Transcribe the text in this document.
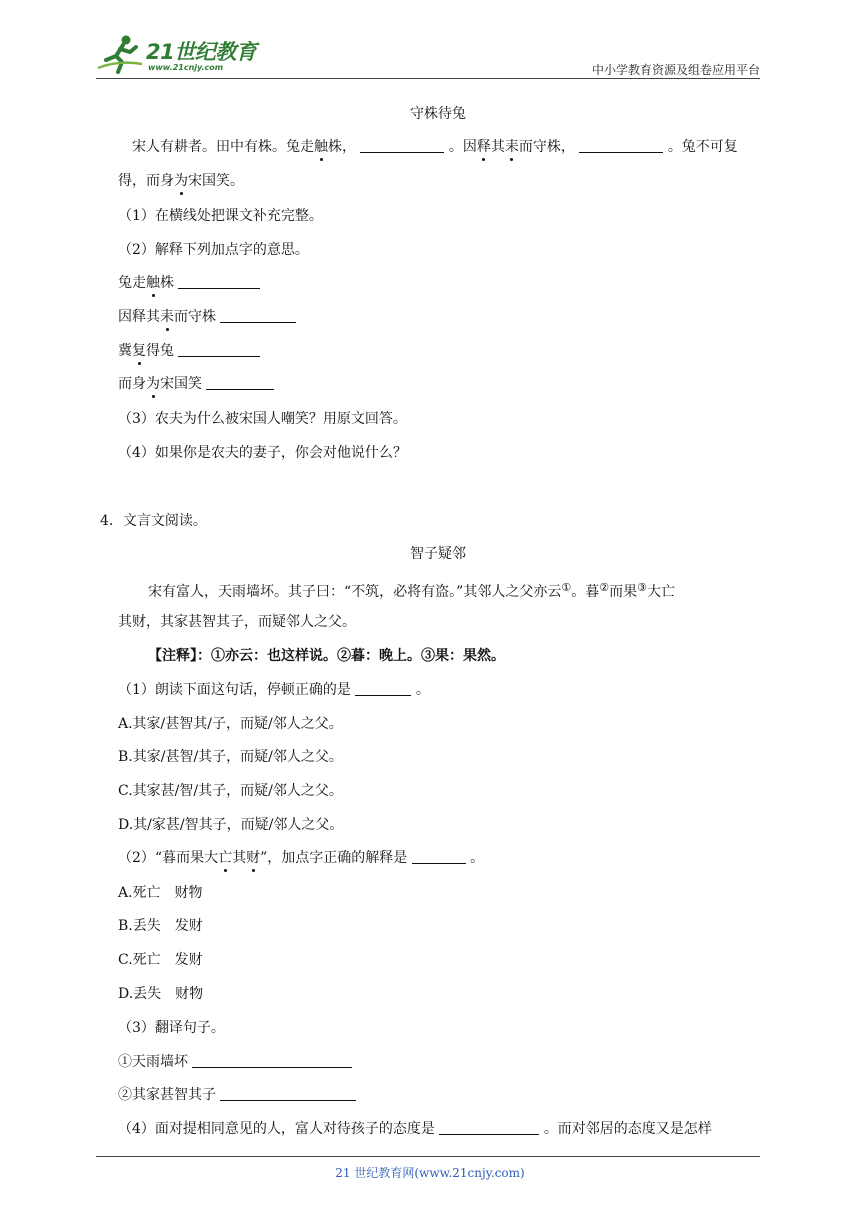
21世纪教育
www.21cnjy.com	中小学教育资源及组卷应用平台
守株待兔
宋人有耕者。田中有株。兔走触株，	。因释其耒而守株，	。兔不可复
得，而身为宋国笑。
（1）在横线处把课文补充完整。
（2）解释下列加点字的意思。
兔走触株
因释其耒而守株
冀复得兔
而身为宋国笑
（3）农夫为什么被宋国人嘲笑？用原文回答。
（4）如果你是农夫的妻子，你会对他说什么？
4．文言文阅读。
智子疑邻
宋有富人，天雨墙坏。其子曰：“不筑，必将有盗。”其邻人之父亦云①。暮②而果③大亡
其财，其家甚智其子，而疑邻人之父。
【注释】：①亦云：也这样说。②暮：晚上。③果：果然。
（1）朗读下面这句话，停顿正确的是	。
A.其家/甚智其/子，而疑/邻人之父。
B.其家/甚智/其子，而疑/邻人之父。
C.其家甚/智/其子，而疑/邻人之父。
D.其/家甚/智其子，而疑/邻人之父。
（2）“暮而果大亡其财”，加点字正确的解释是	。
A.死亡　财物
B.丢失　发财
C.死亡　发财
D.丢失　财物
（3）翻译句子。
①天雨墙坏
②其家甚智其子
（4）面对提相同意见的人，富人对待孩子的态度是	。而对邻居的态度又是怎样
21 世纪教育网(www.21cnjy.com)
